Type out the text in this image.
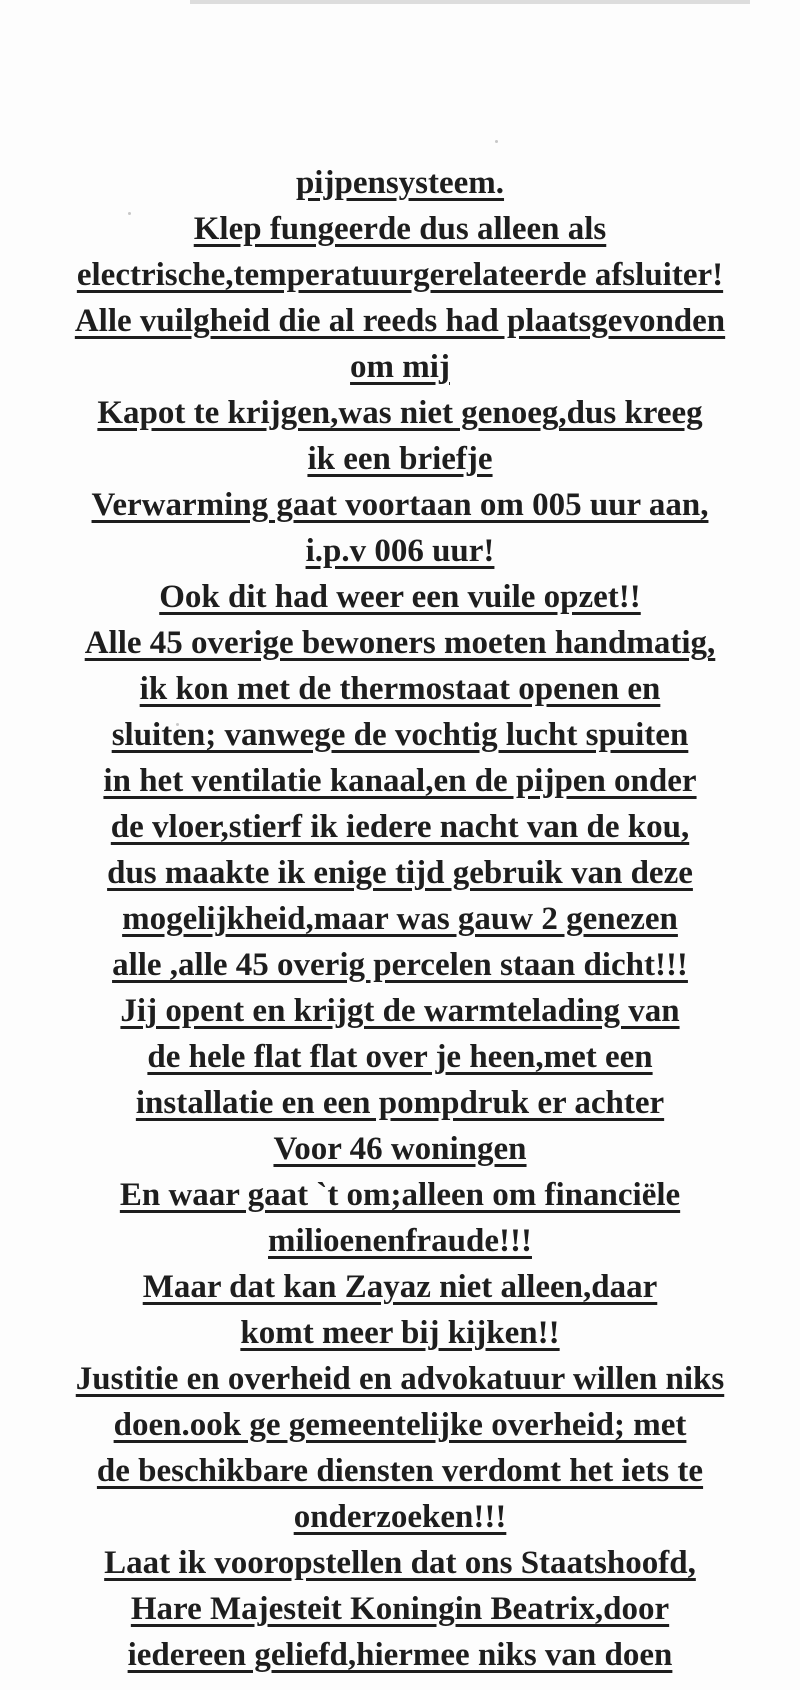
pijpensysteem.
Klep fungeerde dus alleen als
electrische,temperatuurgerelateerde afsluiter!
Alle vuilgheid die al reeds had plaatsgevonden
om mij
Kapot te krijgen,was niet genoeg,dus kreeg
ik een briefje
Verwarming gaat voortaan om 005 uur aan,
i.p.v 006 uur!
Ook dit had weer een vuile opzet!!
Alle 45 overige bewoners moeten handmatig,
ik kon met de thermostaat openen en
sluiten; vanwege de vochtig lucht spuiten
in het ventilatie kanaal,en de pijpen onder
de vloer,stierf ik iedere nacht van de kou,
dus maakte ik enige tijd gebruik van deze
mogelijkheid,maar was gauw 2 genezen
alle ,alle 45 overig percelen staan dicht!!!
Jij opent en krijgt de warmtelading van
de hele flat flat over je heen,met een
installatie en een pompdruk er achter
Voor 46 woningen
En waar gaat `t om;alleen om financiële
milioenenfraude!!!
Maar dat kan Zayaz niet alleen,daar
komt meer bij kijken!!
Justitie en overheid en advokatuur willen niks
doen.ook ge gemeentelijke overheid; met
de beschikbare diensten verdomt het iets te
onderzoeken!!!
Laat ik vooropstellen dat ons Staatshoofd,
Hare Majesteit Koningin Beatrix,door
iedereen geliefd,hiermee niks van doen
